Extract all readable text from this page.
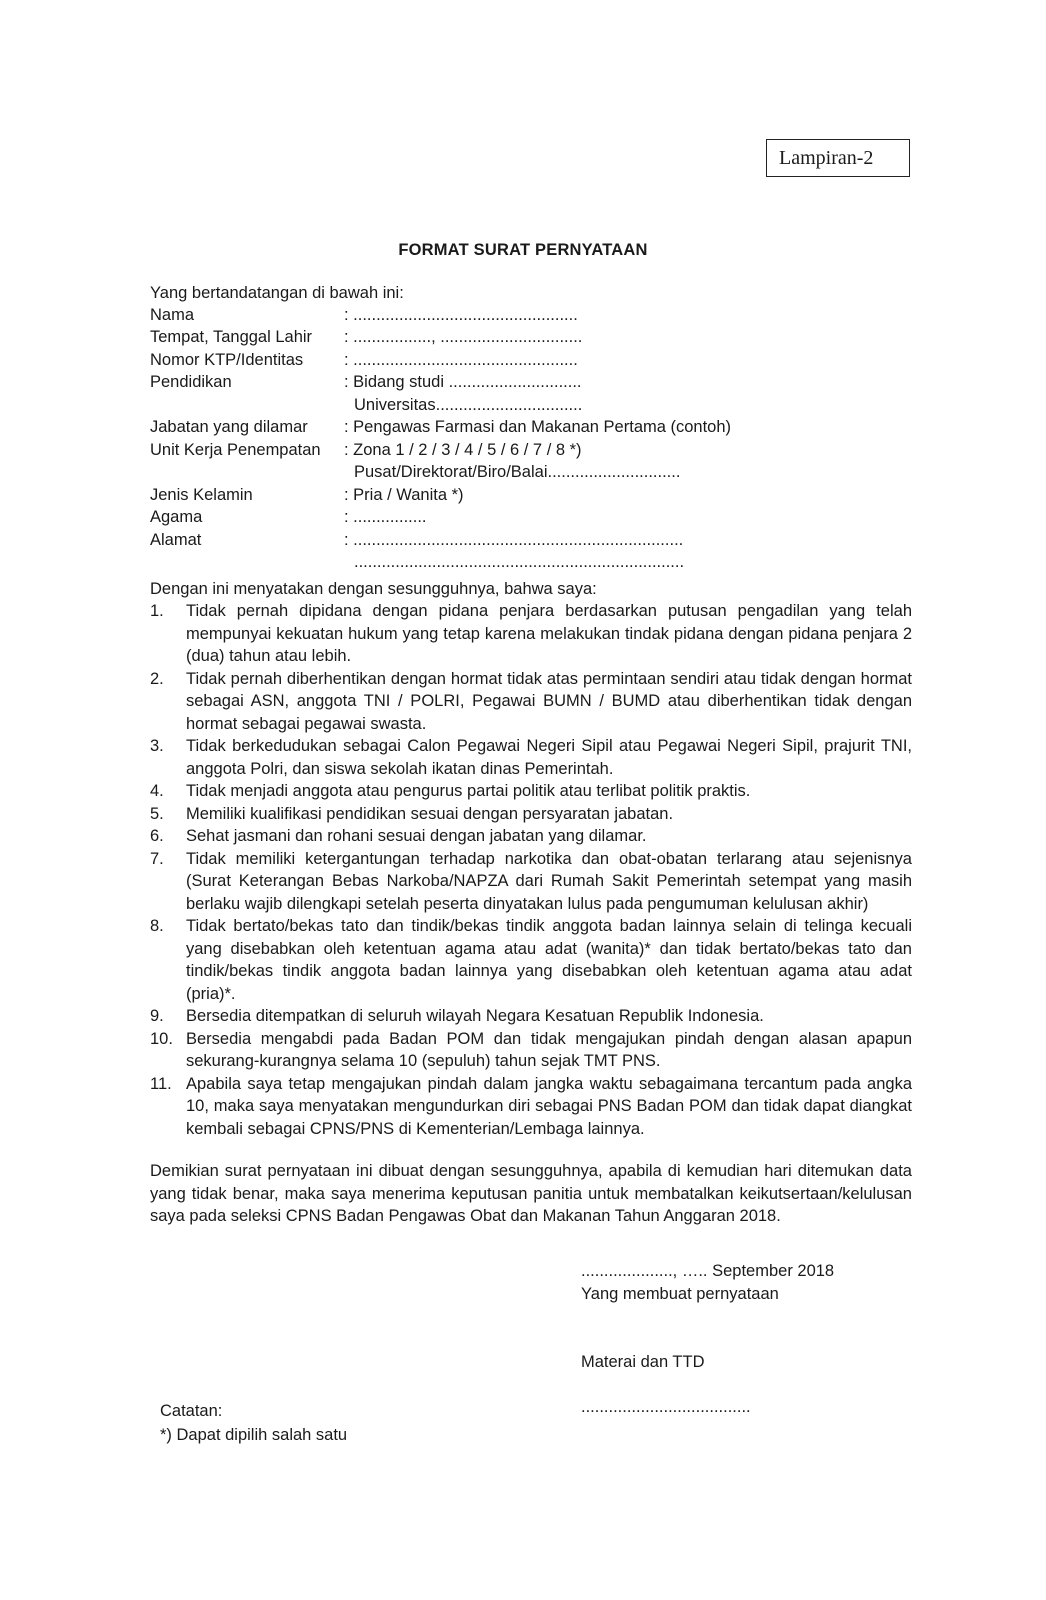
Lampiran-2
FORMAT SURAT PERNYATAAN
Yang bertandatangan di bawah ini:
Nama	: .................................................
Tempat, Tanggal Lahir : ................., ...............................
Nomor KTP/Identitas : .................................................
Pendidikan	: Bidang studi .............................
Universitas................................
Jabatan yang dilamar : Pengawas Farmasi dan Makanan Pertama (contoh)
Unit Kerja Penempatan : Zona 1 / 2 / 3 / 4 / 5 / 6 / 7 / 8 *)
Pusat/Direktorat/Biro/Balai.............................
Jenis Kelamin	: Pria / Wanita *)
Agama	: ................
Alamat	: ........................................................................
........................................................................
Dengan ini menyatakan dengan sesungguhnya, bahwa saya:
1. Tidak pernah dipidana dengan pidana penjara berdasarkan putusan pengadilan yang telah mempunyai kekuatan hukum yang tetap karena melakukan tindak pidana dengan pidana penjara 2 (dua) tahun atau lebih.
2. Tidak pernah diberhentikan dengan hormat tidak atas permintaan sendiri atau tidak dengan hormat sebagai ASN, anggota TNI / POLRI, Pegawai BUMN / BUMD atau diberhentikan tidak dengan hormat sebagai pegawai swasta.
3. Tidak berkedudukan sebagai Calon Pegawai Negeri Sipil atau Pegawai Negeri Sipil, prajurit TNI, anggota Polri, dan siswa sekolah ikatan dinas Pemerintah.
4. Tidak menjadi anggota atau pengurus partai politik atau terlibat politik praktis.
5. Memiliki kualifikasi pendidikan sesuai dengan persyaratan jabatan.
6. Sehat jasmani dan rohani sesuai dengan jabatan yang dilamar.
7. Tidak memiliki ketergantungan terhadap narkotika dan obat-obatan terlarang atau sejenisnya (Surat Keterangan Bebas Narkoba/NAPZA dari Rumah Sakit Pemerintah setempat yang masih berlaku wajib dilengkapi setelah peserta dinyatakan lulus pada pengumuman kelulusan akhir)
8. Tidak bertato/bekas tato dan tindik/bekas tindik anggota badan lainnya selain di telinga kecuali yang disebabkan oleh ketentuan agama atau adat (wanita)* dan tidak bertato/bekas tato dan tindik/bekas tindik anggota badan lainnya yang disebabkan oleh ketentuan agama atau adat (pria)*.
9. Bersedia ditempatkan di seluruh wilayah Negara Kesatuan Republik Indonesia.
10. Bersedia mengabdi pada Badan POM dan tidak mengajukan pindah dengan alasan apapun sekurang-kurangnya selama 10 (sepuluh) tahun sejak TMT PNS.
11. Apabila saya tetap mengajukan pindah dalam jangka waktu sebagaimana tercantum pada angka 10, maka saya menyatakan mengundurkan diri sebagai PNS Badan POM dan tidak dapat diangkat kembali sebagai CPNS/PNS di Kementerian/Lembaga lainnya.
Demikian surat pernyataan ini dibuat dengan sesungguhnya, apabila di kemudian hari ditemukan data yang tidak benar, maka saya menerima keputusan panitia untuk membatalkan keikutsertaan/kelulusan saya pada seleksi CPNS Badan Pengawas Obat dan Makanan Tahun Anggaran 2018.
...................., ….. September 2018
Yang membuat pernyataan
Materai dan TTD
.....................................
Catatan:
*) Dapat dipilih salah satu
